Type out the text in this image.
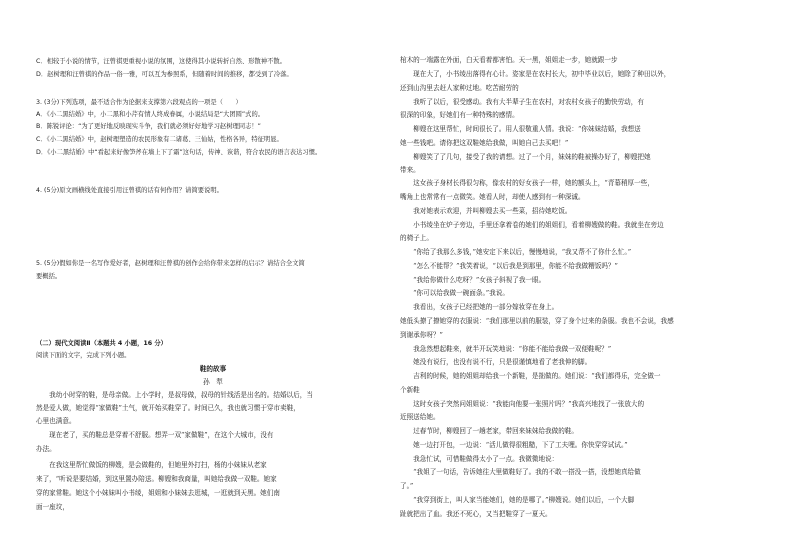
C．相较于小说的情节，汪曾祺更重视小说的氛围，这使得其小说转折自然、形散神不散。
D．赵树理和汪曾祺的作品一俗一雅，可以互为参照系，但随着时间的推移，都受到了冷落。
3. (3分)下列选项，最不适合作为论据来支撑第六段观点的一项是（　　）
A．《小二黑结婚》中，小二黑和小芹有情人终成眷属，小说结局是“大团圆”式的。
B．陈锐评论：“为了更好地反映现实斗争，我们就必须好好地学习赵树理同志！”
C．《小二黑结婚》中，赵树理塑造的农民形象有二诸葛、三仙姑，性格各异，特征明显。
D．《小二黑结婚》中“看起来好像笋斧在墙上下了霜”这句话，传神、诙谐，符合农民的语言表达习惯。
4. (5分)原文画横线处直接引用汪曾祺的话有何作用？请简要说明。
5. (5分)假如你是一名写作爱好者，赵树理和汪曾祺的创作会给你带来怎样的启示？请结合全文简
要概括。
（二）现代文阅读Ⅱ（本题共 4 小题，16 分）
阅读下面的文字，完成下列小题。
鞋的故事
孙　犁
　　我幼小时穿的鞋，是母亲做。上小学时，是叔母做，叔母的针线活是出名的。结婚以后，当
然是爱人做，她觉得“家做鞋”土气，就开始买鞋穿了。时间已久，我也就习惯于穿市卖鞋，
心里也满意。
　　现在老了，买的鞋总是穿着不舒服。想弄一双“家做鞋”，在这个大城市，没有
办法。
　　在我这里帮忙做饭的柳嫂，是会做鞋的，但她里外打扫，杨的小妹妹从老家
来了，“听说是要结婚，到这里置办陪送。柳嫂和我商量，叫她给我做一双鞋。她家
穿的家常鞋。她这个小妹妹叫小书绫，姐姐和小妹妹去逛城，一逛就到天黑。她们南
面一座坟，
棺木的一端露在外面，白天看着都害怕。天一黑，姐姐走一步，她就跟一步
　　现在大了，小书绫出落得有心计。姿家是在农村长大，初中毕业以后，她除了种田以外，
还到山沟里去赶人家种过地。吃苦耐劳的
　　我听了以后，很受感动。我有大半辈子生在农村，对农村女孩子的勤快劳动，有
很深的印象，好她们有一种特殊的感情。
　　柳嫂在这里帮忙，时间很长了。用人很敬重人情。我说：“你妹妹结婚，我想送
她一些钱吧。请你把这双鞋她给我做，叫她自己去买吧！”
　　柳嫂笑了了几句，接受了我的请想。过了一个月，妹妹的鞋被操办好了，柳嫂把她
带来。
　　这女孩子身材长得很匀称，像农村的好女孩子一样，她的额头上，“青幕稍厚一些，
嘴角上也常常有一点微笑。她看人时，却使人感到有一种深诚。
　　我对她表示欢迎，并叫柳嫂去买一些菜，招待她吃饭。
　　小书绫坐在炉子旁边，手里还拿着卷的她们的姐姐们，看着柳嫂做的鞋。我就坐在旁边
的椅子上。
　　“你给了我那么多钱，”她安定下来以后，慢慢地说，“我又帮不了你什么忙。”
　　“怎么不能帮？”我笑着说，“以后我是到那里，你能不给我做糟饭吗？”
　　“我给你做什么吃呀？”女孩子斜视了我一眼。
　　“你可以给我做一碗面条。”我说。
　　我看出，女孩子已经把她的一部分嫁妆穿在身上。
她低头撩了撩她穿的衣服说：“我们那里以前的服装，穿了身个过来的条服。我也不会说，我感
到谢承你呀？”
　　我急然想起鞋来，就半开玩笑地说：“你能不能给我做一双便鞋呢？”
　　她没有说行，也没有说不行，只是很谨慎地看了老我伸的脚。
　　吉利的时候，她的姐姐却给我一个新鞋，是拙做的。她们说：“我们都得乐，完全做一
个新鞋
　　这时女孩子突然问姐姐说：“我能向他要一张照片吗？”我高兴地找了一张放大的
近照送给她。
　　过春节时，柳嫂回了一趟老家，带回来妹妹给我做的鞋。
　　她一边打开包，一边说：“活儿做得很粗糙，下了工夫哩。你快穿穿试试。”
　　我急忙试，可惜鞋做得太小了一点。我微微地说：
　　“我姐了一句话，告诉她往大里做鞋好了。我的不敢一搭没一搭，没想她真给做
了。”
　　“我穿到街上，叫人家当能她们，她的是哪了。”柳嫂说。她们以后，一个大脚
趾就把出了血。我还不死心，又当把鞋穿了一夏天。
